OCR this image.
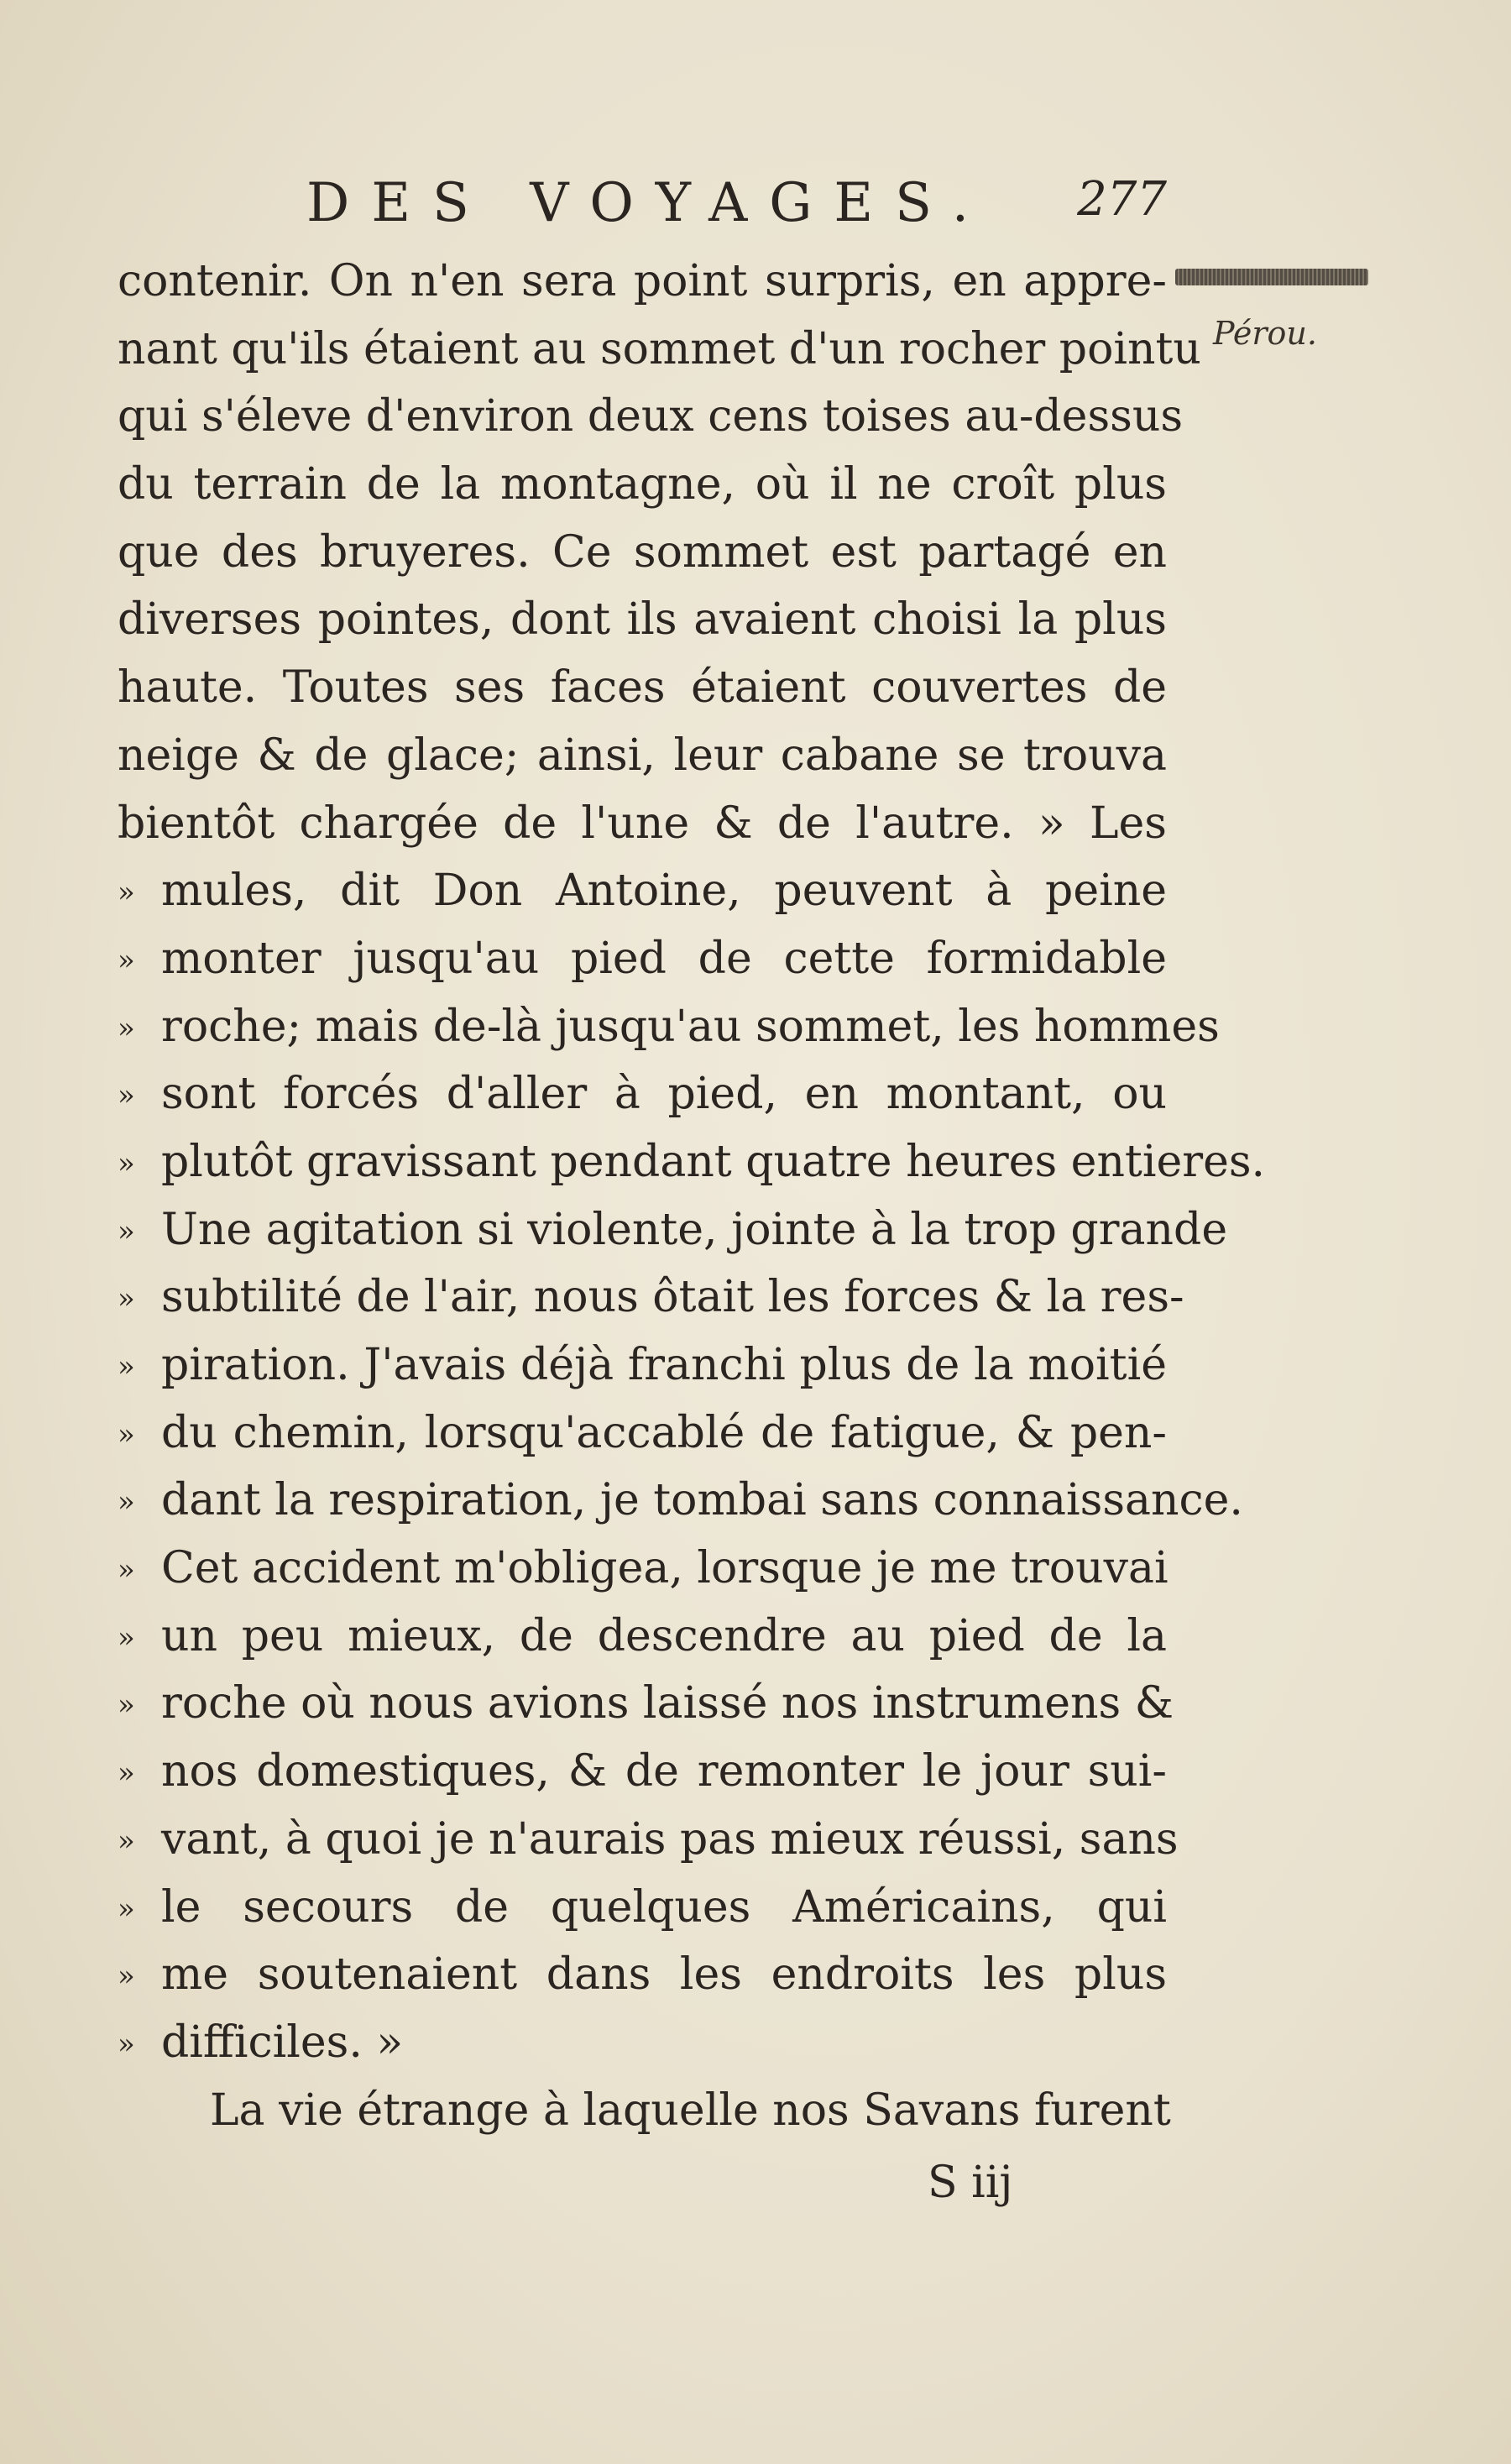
DES VOYAGES. 277
Pérou.
contenir. On n'en sera point surpris, en appre-
nant qu'ils étaient au sommet d'un rocher pointu
qui s'éleve d'environ deux cens toises au-dessus
du terrain de la montagne, où il ne croît plus
que des bruyeres. Ce sommet est partagé en
diverses pointes, dont ils avaient choisi la plus
haute. Toutes ses faces étaient couvertes de
neige & de glace; ainsi, leur cabane se trouva
bientôt chargée de l'une & de l'autre. » Les
» mules, dit Don Antoine, peuvent à peine
» monter jusqu'au pied de cette formidable
» roche; mais de-là jusqu'au sommet, les hommes
» sont forcés d'aller à pied, en montant, ou
» plutôt gravissant pendant quatre heures entieres.
» Une agitation si violente, jointe à la trop grande
» subtilité de l'air, nous ôtait les forces & la res-
» piration. J'avais déjà franchi plus de la moitié
» du chemin, lorsqu'accablé de fatigue, & pen-
» dant la respiration, je tombai sans connaissance.
» Cet accident m'obligea, lorsque je me trouvai
» un peu mieux, de descendre au pied de la
» roche où nous avions laissé nos instrumens &
» nos domestiques, & de remonter le jour sui-
» vant, à quoi je n'aurais pas mieux réussi, sans
» le secours de quelques Américains, qui
» me soutenaient dans les endroits les plus
» difficiles. »
La vie étrange à laquelle nos Savans furent
S iij
